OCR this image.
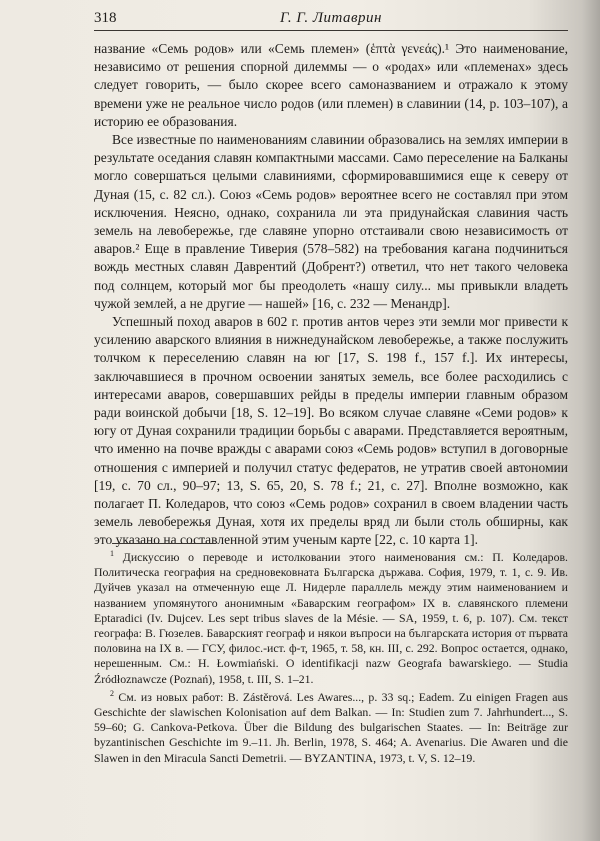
318	Г. Г. Литаврин

название «Семь родов» или «Семь племен» (ἑπτὰ γενεάς).¹ Это наименование, независимо от решения спорной дилеммы — о «родах» или «племенах» здесь следует говорить, — было скорее всего самоназванием и отражало к этому времени уже не реальное число родов (или племен) в славинии (14, р. 103–107), а историю ее образования.

Все известные по наименованиям славинии образовались на землях империи в результате оседания славян компактными массами. Само переселение на Балканы могло совершаться целыми славиниями, сформировавшимися еще к северу от Дуная (15, с. 82 сл.). Союз «Семь родов» вероятнее всего не составлял при этом исключения. Неясно, однако, сохранила ли эта придунайская славиния часть земель на левобережье, где славяне упорно отстаивали свою независимость от аваров.² Еще в правление Тиверия (578–582) на требования кагана подчиниться вождь местных славян Даврентий (Добрент?) ответил, что нет такого человека под солнцем, который мог бы преодолеть «нашу силу... мы привыкли владеть чужой землей, а не другие — нашей» [16, с. 232 — Менандр].

Успешный поход аваров в 602 г. против антов через эти земли мог привести к усилению аварского влияния в нижнедунайском левобережье, а также послужить толчком к переселению славян на юг [17, S. 198 f., 157 f.]. Их интересы, заключавшиеся в прочном освоении занятых земель, все более расходились с интересами аваров, совершавших рейды в пределы империи главным образом ради воинской добычи [18, S. 12–19]. Во всяком случае славяне «Семи родов» к югу от Дуная сохранили традиции борьбы с аварами. Представляется вероятным, что именно на почве вражды с аварами союз «Семь родов» вступил в договорные отношения с империей и получил статус федератов, не утратив своей автономии [19, с. 70 сл., 90–97; 13, S. 65, 20, S. 78 f.; 21, с. 27]. Вполне возможно, как полагает П. Коледаров, что союз «Семь родов» сохранил в своем владении часть земель левобережья Дуная, хотя их пределы вряд ли были столь обширны, как это указано на составленной этим ученым карте [22, с. 10 карта 1].

$^1$ Дискуссию о переводе и истолковании этого наименования см.: П. Коледаров. Политическа география на средновековната Българска държава. София, 1979, т. 1, с. 9. Ив. Дуйчев указал на отмеченную еще Л. Нидерле параллель между этим наименованием и названием упомянутого анонимным «Баварским географом» IX в. славянского племени Eptaradici (Iv. Dujcev. Les sept tribus slaves de la Mésie. — SA, 1959, t. 6, p. 107). См. текст географа: В. Гюзелев. Баварският географ и някои въпроси на българската история от първата половина на IX в. — ГСУ, филос.-ист. ф-т, 1965, т. 58, кн. III, с. 292. Вопрос остается, однако, нерешенным. См.: H. Łowmiański. O identifikacji nazw Geografa bawarskiego. — Studia Źródłoznawcze (Poznań), 1958, t. III, S. 1–21.

$^2$ См. из новых работ: B. Zástěrová. Les Awares..., p. 33 sq.; Eadem. Zu einigen Fragen aus Geschichte der slawischen Kolonisation auf dem Balkan. — In: Studien zum 7. Jahrhundert..., S. 59–60; G. Cankova-Petkova. Über die Bildung des bulgarischen Staates. — In: Beiträge zur byzantinischen Geschichte im 9.–11. Jh. Berlin, 1978, S. 464; A. Avenarius. Die Awaren und die Slawen in den Miracula Sancti Demetrii. — BYZANTINA, 1973, t. V, S. 12–19.
